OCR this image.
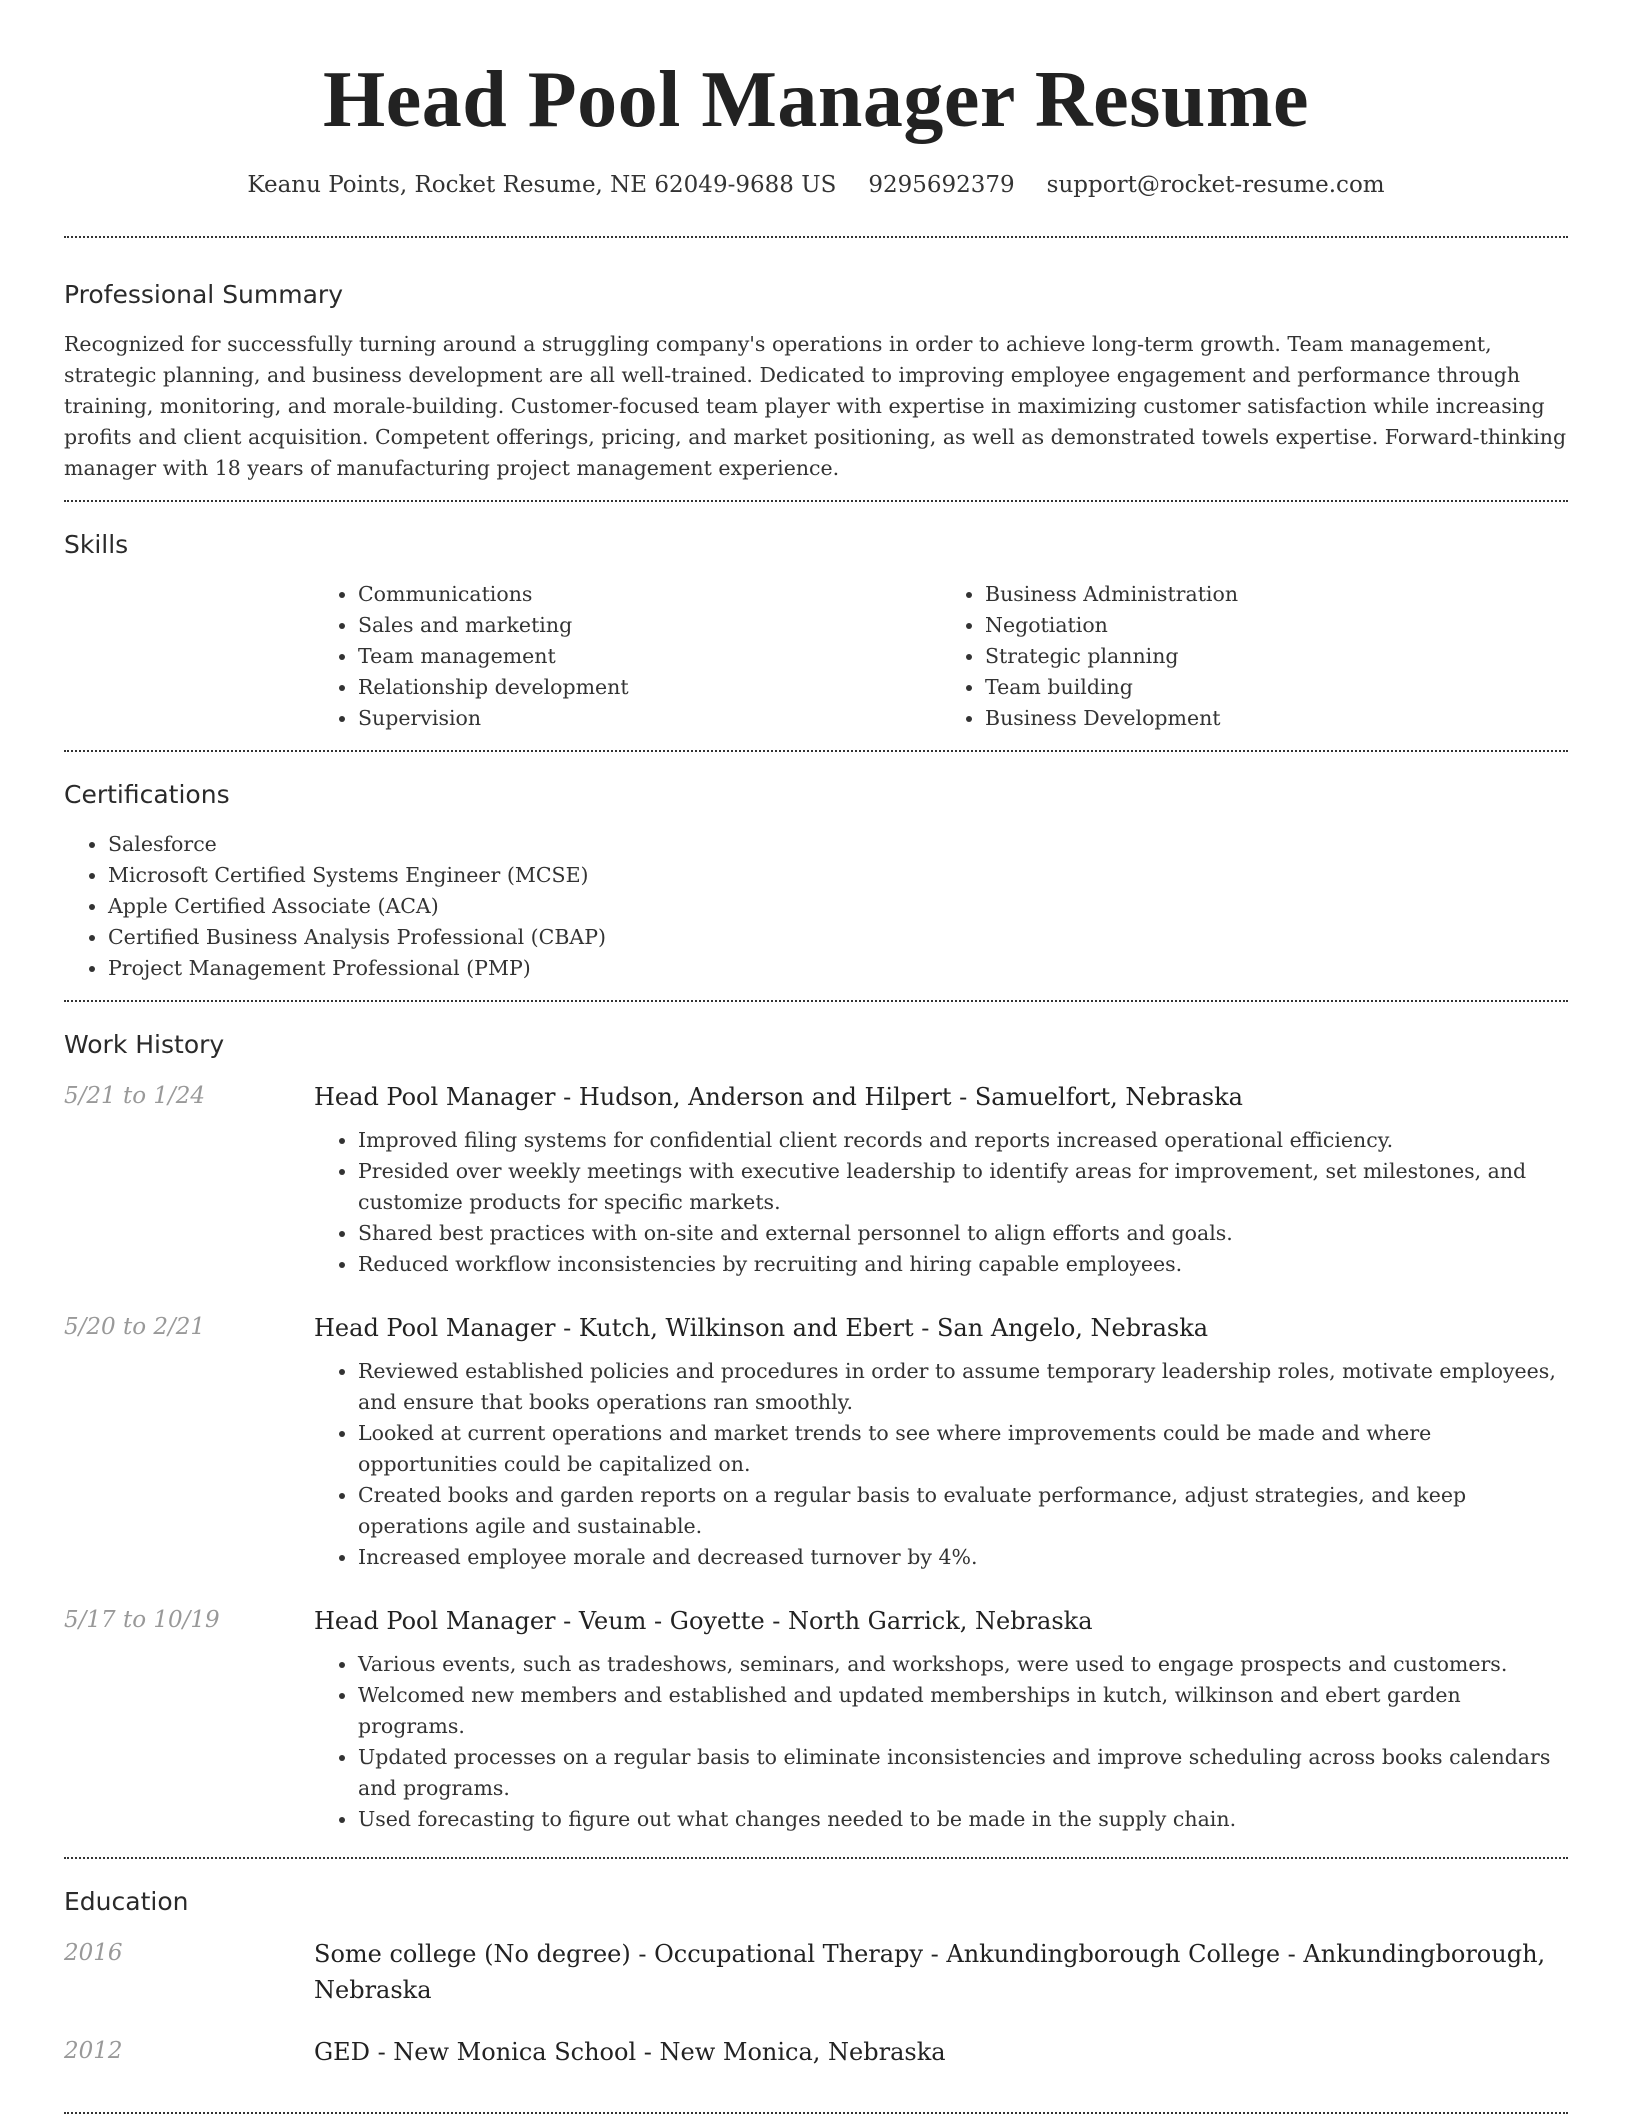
Head Pool Manager Resume
Keanu Points, Rocket Resume, NE 62049-9688 US 9295692379 support@rocket-resume.com
Professional Summary

Recognized for successfully turning around a struggling company's operations in order to achieve long-term growth. Team management, strategic planning, and business development are all well-trained. Dedicated to improving employee engagement and performance through training, monitoring, and morale-building. Customer-focused team player with expertise in maximizing customer satisfaction while increasing profits and client acquisition. Competent offerings, pricing, and market positioning, as well as demonstrated towels expertise. Forward-thinking manager with 18 years of manufacturing project management experience.

Skills
• Communications
• Sales and marketing
• Team management
• Relationship development
• Supervision
• Business Administration
• Negotiation
• Strategic planning
• Team building
• Business Development
Certifications
• Salesforce
• Microsoft Certified Systems Engineer (MCSE)
• Apple Certified Associate (ACA)
• Certified Business Analysis Professional (CBAP)
• Project Management Professional (PMP)
Work History
5/21 to 1/24	Head Pool Manager - Hudson, Anderson and Hilpert - Samuelfort, Nebraska
• Improved filing systems for confidential client records and reports increased operational efficiency.
• Presided over weekly meetings with executive leadership to identify areas for improvement, set milestones, and customize products for specific markets.
• Shared best practices with on-site and external personnel to align efforts and goals.
• Reduced workflow inconsistencies by recruiting and hiring capable employees.
5/20 to 2/21	Head Pool Manager - Kutch, Wilkinson and Ebert - San Angelo, Nebraska
• Reviewed established policies and procedures in order to assume temporary leadership roles, motivate employees, and ensure that books operations ran smoothly.
• Looked at current operations and market trends to see where improvements could be made and where opportunities could be capitalized on.
• Created books and garden reports on a regular basis to evaluate performance, adjust strategies, and keep operations agile and sustainable.
• Increased employee morale and decreased turnover by 4%.
5/17 to 10/19	Head Pool Manager - Veum - Goyette - North Garrick, Nebraska
• Various events, such as tradeshows, seminars, and workshops, were used to engage prospects and customers.
• Welcomed new members and established and updated memberships in kutch, wilkinson and ebert garden programs.
• Updated processes on a regular basis to eliminate inconsistencies and improve scheduling across books calendars and programs.
• Used forecasting to figure out what changes needed to be made in the supply chain.
Education
2016	Some college (No degree) - Occupational Therapy - Ankundingborough College - Ankundingborough, Nebraska
2012	GED - New Monica School - New Monica, Nebraska
